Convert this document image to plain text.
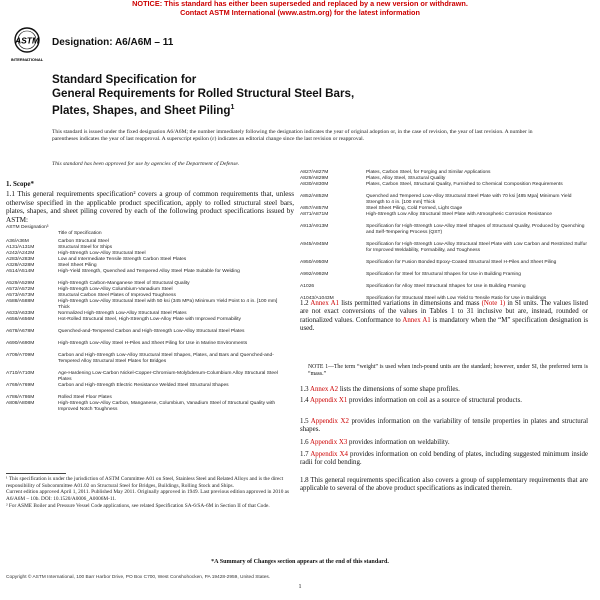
NOTICE: This standard has either been superseded and replaced by a new version or withdrawn.
Contact ASTM International (www.astm.org) for the latest information
ASTM
INTERNATIONAL
Designation: A6/A6M – 11
Standard Specification for
General Requirements for Rolled Structural Steel Bars,
Plates, Shapes, and Sheet Piling$^1$
This standard is issued under the fixed designation A6/A6M; the number immediately following the designation indicates the year of original adoption or, in the case of revision, the year of last revision. A number in parentheses indicates the year of last reapproval. A superscript epsilon (ε) indicates an editorial change since the last revision or reapproval.
This standard has been approved for use by agencies of the Department of Defense.
1. Scope*
1.1 This general requirements specification² covers a group of common requirements that, unless otherwise specified in the applicable product specification, apply to rolled structural steel bars, plates, shapes, and sheet piling covered by each of the following product specifications issued by ASTM:
ASTM Designation³
Title of Specification
A36/A36M	Carbon Structural Steel
A131/A131M	Structural Steel for Ships
A242/A242M	High-Strength Low-Alloy Structural Steel
A283/A283M	Low and Intermediate Tensile Strength Carbon Steel Plates
A328/A328M	Steel Sheet Piling
A514/A514M	High-Yield Strength, Quenched and Tempered Alloy Steel Plate Suitable for Welding
A529/A529M	High-Strength Carbon-Manganese Steel of Structural Quality
A572/A572M	High-Strength Low-Alloy Columbium-Vanadium Steel
A573/A573M	Structural Carbon Steel Plates of Improved Toughness
A588/A588M	High-Strength Low-Alloy Structural Steel with 50 ksi (345 MPa) Minimum Yield Point to 4 in. [100 mm] Thick
A633/A633M	Normalized High-Strength Low-Alloy Structural Steel Plates
A656/A656M	Hot-Rolled Structural Steel, High-Strength Low-Alloy Plate with Improved Formability
A678/A678M	Quenched-and-Tempered Carbon and High-Strength Low-Alloy Structural Steel Plates
A690/A690M	High-Strength Low-Alloy Steel H-Piles and Sheet Piling for Use in Marine Environments
A709/A709M	Carbon and High-Strength Low-Alloy Structural Steel Shapes, Plates, and Bars and Quenched-and-Tempered Alloy Structural Steel Plates for Bridges
A710/A710M	Age-Hardening Low-Carbon Nickel-Copper-Chromium-Molybdenum-Columbium Alloy Structural Steel Plates
A769/A769M	Carbon and High-Strength Electric Resistance Welded Steel Structural Shapes
A786/A786M	Rolled Steel Floor Plates
A808/A808M	High-Strength Low-Alloy Carbon, Manganese, Columbium, Vanadium Steel of Structural Quality with Improved Notch Toughness
A827/A827M	Plates, Carbon Steel, for Forging and Similar Applications
A829/A829M	Plates, Alloy Steel, Structural Quality
A830/A830M	Plates, Carbon Steel, Structural Quality, Furnished to Chemical Composition Requirements
A852/A852M	Quenched and Tempered Low-Alloy Structural Steel Plate with 70 ksi [485 Mpa] Minimum Yield Strength to 4 in. [100 mm] Thick
A857/A857M	Steel Sheet Piling, Cold Formed, Light Gage
A871/A871M	High-Strength Low Alloy Structural Steel Plate with Atmospheric Corrosion Resistance
A913/A913M	Specification for High-Strength Low-Alloy Steel Shapes of Structural Quality, Produced by Quenching and Self-Tempering Process (QST)
A945/A945M	Specification for High-Strength Low-Alloy Structural Steel Plate with Low Carbon and Restricted Sulfur for Improved Weldability, Formability, and Toughness
A950/A950M	Specification for Fusion Bonded Epoxy-Coated Structural Steel H-Piles and Sheet Piling
A992/A992M	Specification for Steel for Structural Shapes for Use in Building Framing
A1026	Specification for Alloy Steel Structural Shapes for Use in Building Framing
A1043/A1043M	Specification for Structural Steel with Low Yield to Tensile Ratio for Use in Buildings
1.2 Annex A1 lists permitted variations in dimensions and mass (Note 1) in SI units. The values listed are not exact conversions of the values in Tables 1 to 31 inclusive but are, instead, rounded or rationalized values. Conformance to Annex A1 is mandatory when the “M” specification designation is used.
NOTE 1—The term “weight” is used when inch-pound units are the standard; however, under SI, the preferred term is “mass.”
1.3 Annex A2 lists the dimensions of some shape profiles.
1.4 Appendix X1 provides information on coil as a source of structural products.
1.5 Appendix X2 provides information on the variability of tensile properties in plates and structural shapes.
1.6 Appendix X3 provides information on weldability.
1.7 Appendix X4 provides information on cold bending of plates, including suggested minimum inside radii for cold bending.
1.8 This general requirements specification also covers a group of supplementary requirements that are applicable to several of the above product specifications as indicated therein.
¹ This specification is under the jurisdiction of ASTM Committee A01 on Steel, Stainless Steel and Related Alloys and is the direct responsibility of Subcommittee A01.02 on Structural Steel for Bridges, Buildings, Rolling Stock and Ships.
Current edition approved April 1, 2011. Published May 2011. Originally approved in 1949. Last previous edition approved in 2010 as A6/A6M – 10b. DOI: 10.1520/A0006_A0006M-11.
² For ASME Boiler and Pressure Vessel Code applications, see related Specification SA-6/SA-6M in Section II of that Code.
*A Summary of Changes section appears at the end of this standard.
Copyright © ASTM International, 100 Barr Harbor Drive, PO Box C700, West Conshohocken, PA 19428-2959, United States.
1
